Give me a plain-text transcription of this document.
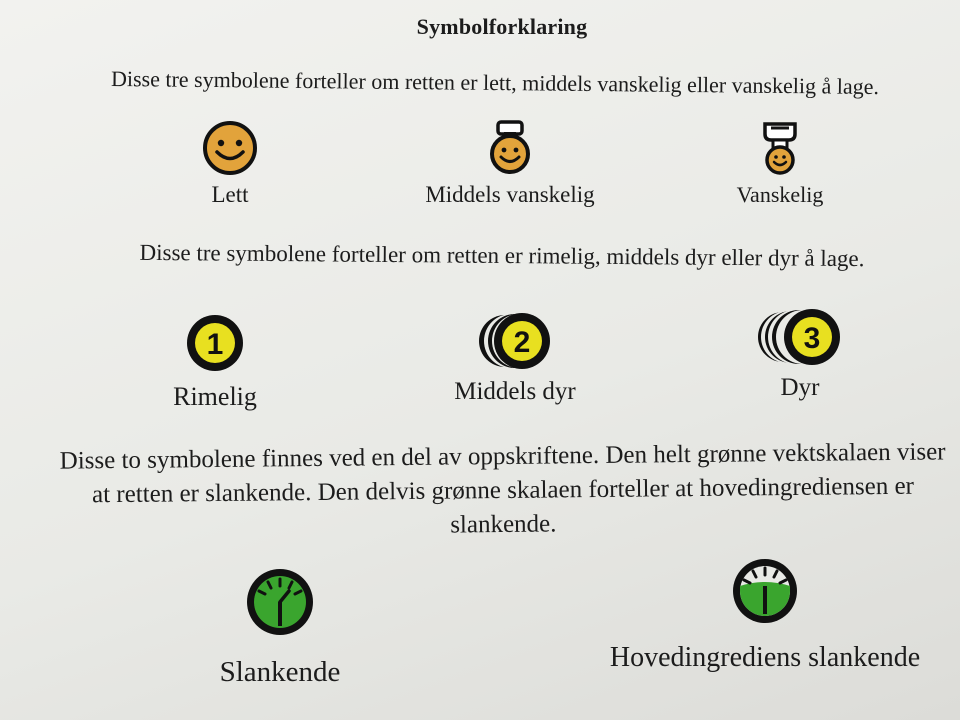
Symbolforklaring
Disse tre symbolene forteller om retten er lett, middels vanskelig eller vanskelig å lage.
Lett	Middels vanskelig	Vanskelig
Disse tre symbolene forteller om retten er rimelig, middels dyr eller dyr å lage.
1
Rimelig
2
Middels dyr
3
Dyr
Disse to symbolene finnes ved en del av oppskriftene. Den helt grønne vektskalaen viser at retten er slankende. Den delvis grønne skalaen forteller at hovedingrediensen er slankende.
Slankende	Hovedingrediens slankende
